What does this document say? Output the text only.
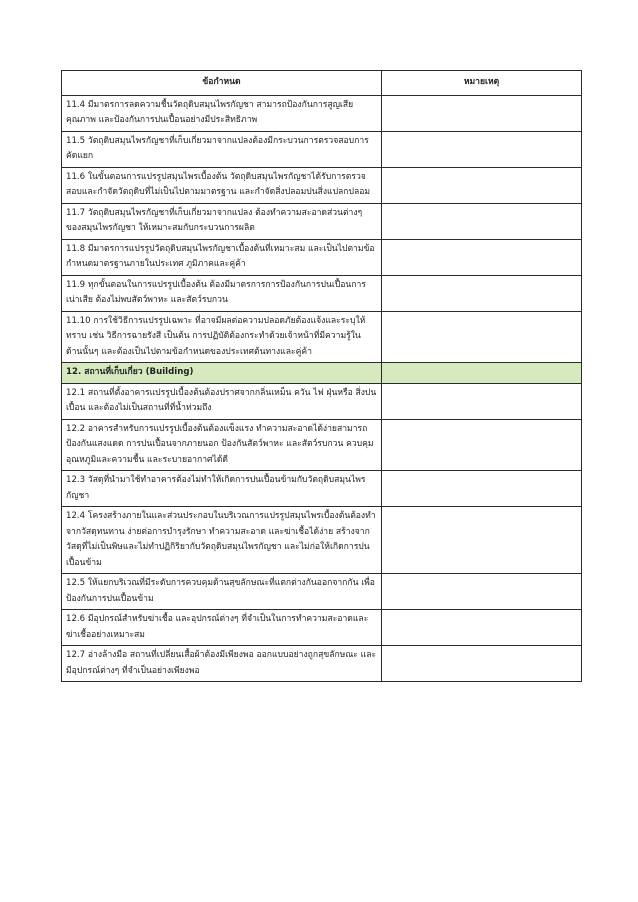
ข้อกำหนด	หมายเหตุ
11.4 มีมาตรการลดความชื้นวัตถุดิบสมุนไพรกัญชา สามารถป้องกันการสูญเสียคุณภาพ และป้องกันการปนเปื้อนอย่างมีประสิทธิภาพ	
11.5 วัตถุดิบสมุนไพรกัญชาที่เก็บเกี่ยวมาจากแปลงต้องมีกระบวนการตรวจสอบการคัดแยก	
11.6 ในขั้นตอนการแปรรูปสมุนไพรเบื้องต้น วัตถุดิบสมุนไพรกัญชาได้รับการตรวจสอบและกำจัดวัตถุดิบที่ไม่เป็นไปตามมาตรฐาน และกำจัดสิ่งปลอมปนสิ่งแปลกปลอม	
11.7 วัตถุดิบสมุนไพรกัญชาที่เก็บเกี่ยวมาจากแปลง ต้องทำความสะอาดส่วนต่างๆของสมุนไพรกัญชา ให้เหมาะสมกับกระบวนการผลิต	
11.8 มีมาตรการแปรรูปวัตถุดิบสมุนไพรกัญชาเบื้องต้นที่เหมาะสม และเป็นไปตามข้อกำหนดมาตรฐานภายในประเทศ ภูมิภาคและคู่ค้า	
11.9 ทุกขั้นตอนในการแปรรูปเบื้องต้น ต้องมีมาตรการการป้องกันการปนเปื้อนการเน่าเสีย ต้องไม่พบสัตว์พาหะ และสัตว์รบกวน	
11.10 การใช้วิธีการแปรรูปเฉพาะ ที่อาจมีผลต่อความปลอดภัยต้องแจ้งและระบุให้ทราบ เช่น วิธีการฉายรังสี เป็นต้น การปฏิบัติต้องกระทำด้วยเจ้าหน้าที่มีความรู้ในด้านนั้นๆ และต้องเป็นไปตามข้อกำหนดของประเทศต้นทางและคู่ค้า	
12. สถานที่เก็บเกี่ยว (Building)	
12.1 สถานที่ตั้งอาคารแปรรูปเบื้องต้นต้องปราศจากกลิ่นเหม็น ควัน ไฟ ฝุ่นหรือ สิ่งปนเปื้อน และต้องไม่เป็นสถานที่ที่น้ำท่วมถึง	
12.2 อาคารสำหรับการแปรรูปเบื้องต้นต้องแข็งแรง ทำความสะอาดได้ง่ายสามารถป้องกันแสงแดด การปนเปื้อนจากภายนอก ป้องกันสัตว์พาหะ และสัตว์รบกวน ควบคุมอุณหภูมิและความชื้น และระบายอากาศได้ดี	
12.3 วัสดุที่นำมาใช้ทำอาคารต้องไม่ทำให้เกิดการปนเปื้อนข้ามกับวัตถุดิบสมุนไพรกัญชา	
12.4 โครงสร้างภายในและส่วนประกอบในบริเวณการแปรรูปสมุนไพรเบื้องต้นต้องทำจากวัสดุทนทาน ง่ายต่อการบำรุงรักษา ทำความสะอาด และฆ่าเชื้อได้ง่าย สร้างจากวัสดุที่ไม่เป็นพิษและไม่ทำปฏิกิริยากับวัตถุดิบสมุนไพรกัญชา และไม่ก่อให้เกิดการปนเปื้อนข้าม	
12.5 ให้แยกบริเวณที่มีระดับการควบคุมด้านสุขลักษณะที่แตกต่างกันออกจากกัน เพื่อป้องกันการปนเปื้อนข้าม	
12.6 มีอุปกรณ์สำหรับฆ่าเชื้อ และอุปกรณ์ต่างๆ ที่จำเป็นในการทำความสะอาดและฆ่าเชื้ออย่างเหมาะสม	
12.7 อ่างล้างมือ สถานที่เปลี่ยนเสื้อผ้าต้องมีเพียงพอ ออกแบบอย่างถูกสุขลักษณะ และมีอุปกรณ์ต่างๆ ที่จำเป็นอย่างเพียงพอ	
